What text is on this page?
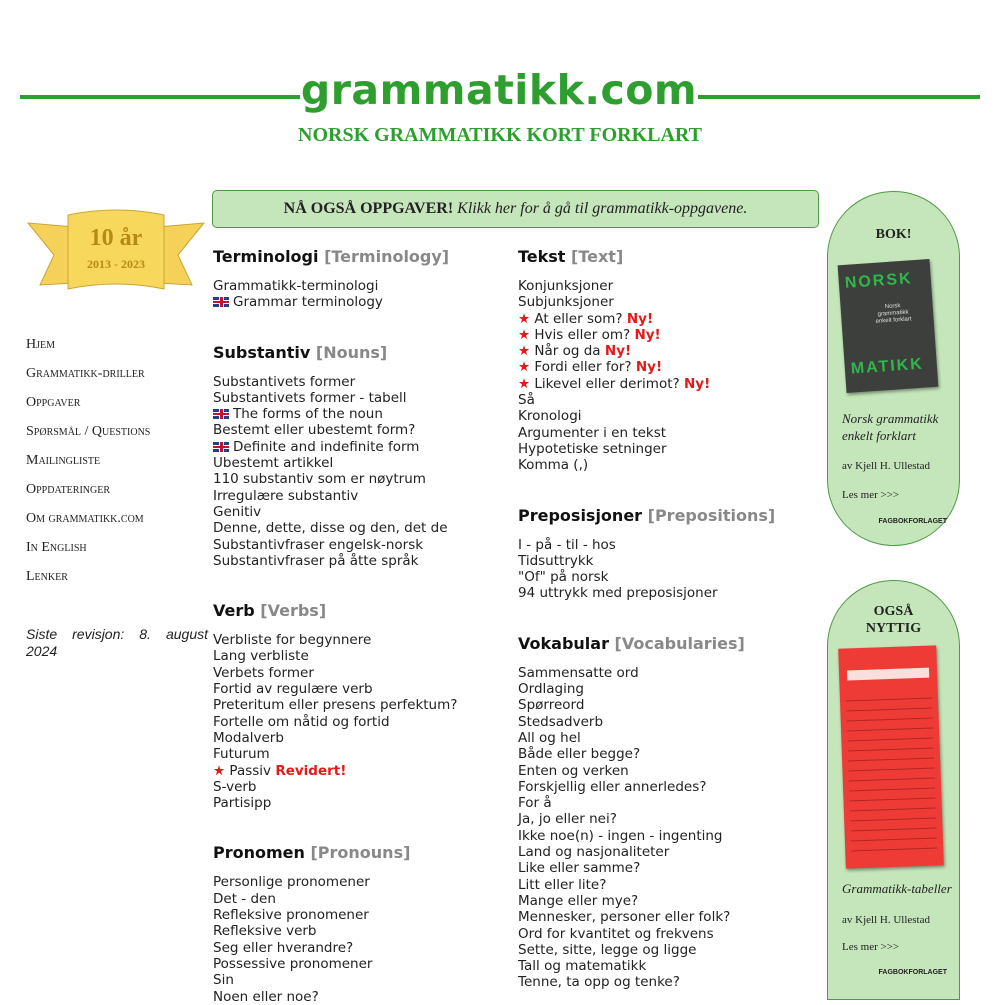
grammatikk.com
NORSK GRAMMATIKK KORT FORKLART
10 år
2013 - 2023
Hjem
Grammatikk-driller
Oppgaver
Spørsmål / Questions
Mailingliste
Oppdateringer
Om grammatikk.com
In English
Lenker
Siste revisjon: 8. august 2024
NÅ OGSÅ OPPGAVER! Klikk her for å gå til grammatikk-oppgavene.
Terminologi [Terminology]
Grammatikk-terminologi
Grammar terminology
Substantiv [Nouns]
Substantivets former
Substantivets former - tabell
The forms of the noun
Bestemt eller ubestemt form?
Definite and indefinite form
Ubestemt artikkel
110 substantiv som er nøytrum
Irregulære substantiv
Genitiv
Denne, dette, disse og den, det de
Substantivfraser engelsk-norsk
Substantivfraser på åtte språk
Verb [Verbs]
Verbliste for begynnere
Lang verbliste
Verbets former
Fortid av regulære verb
Preteritum eller presens perfektum?
Fortelle om nåtid og fortid
Modalverb
Futurum
★ Passiv Revidert!
S-verb
Partisipp
Pronomen [Pronouns]
Personlige pronomener
Det - den
Refleksive pronomener
Refleksive verb
Seg eller hverandre?
Possessive pronomener
Sin
Noen eller noe?
Tekst [Text]
Konjunksjoner
Subjunksjoner
★ At eller som? Ny!
★ Hvis eller om? Ny!
★ Når og da Ny!
★ Fordi eller for? Ny!
★ Likevel eller derimot? Ny!
Så
Kronologi
Argumenter i en tekst
Hypotetiske setninger
Komma (,)
Preposisjoner [Prepositions]
I - på - til - hos
Tidsuttrykk
"Of" på norsk
94 uttrykk med preposisjoner
Vokabular [Vocabularies]
Sammensatte ord
Ordlaging
Spørreord
Stedsadverb
All og hel
Både eller begge?
Enten og verken
Forskjellig eller annerledes?
For å
Ja, jo eller nei?
Ikke noe(n) - ingen - ingenting
Land og nasjonaliteter
Like eller samme?
Litt eller lite?
Mange eller mye?
Mennesker, personer eller folk?
Ord for kvantitet og frekvens
Sette, sitte, legge og ligge
Tall og matematikk
Tenne, ta opp og tenke?
BOK!
NORSK
Norsk grammatikk enkelt forklart
MATIKK
Norsk grammatikk enkelt forklart
av Kjell H. Ullestad
Les mer >>>
FAGBOKFORLAGET
OGSÅ NYTTIG
Grammatikk-tabeller
av Kjell H. Ullestad
Les mer >>>
FAGBOKFORLAGET
